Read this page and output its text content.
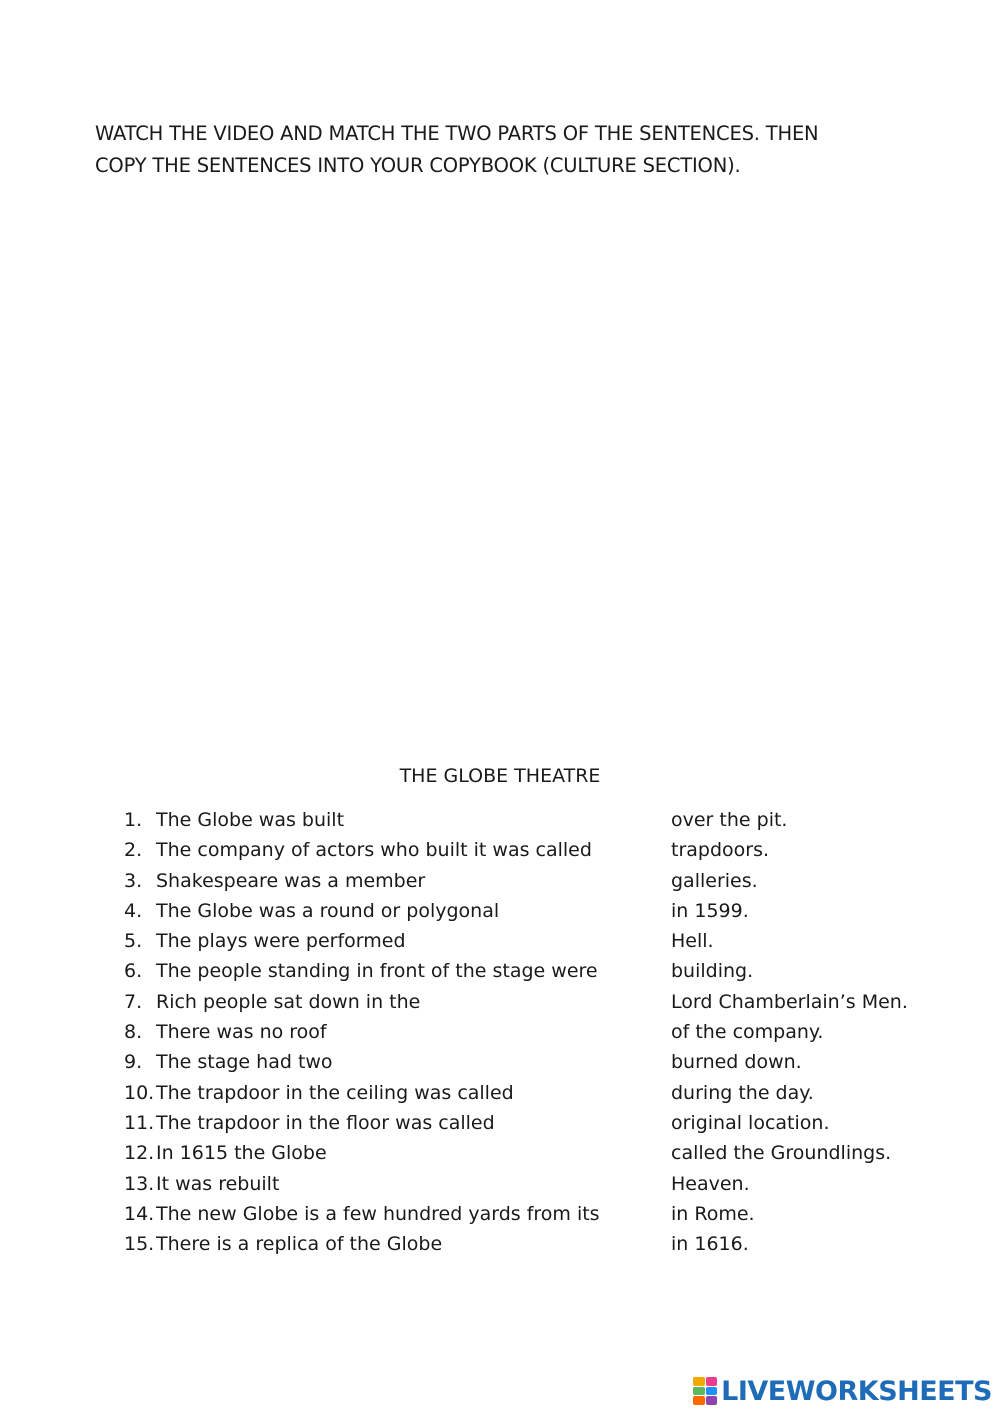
WATCH THE VIDEO AND MATCH THE TWO PARTS OF THE SENTENCES. THEN
COPY THE SENTENCES INTO YOUR COPYBOOK (CULTURE SECTION).
THE GLOBE THEATRE
1. The Globe was built
2. The company of actors who built it was called
3. Shakespeare was a member
4. The Globe was a round or polygonal
5. The plays were performed
6. The people standing in front of the stage were
7. Rich people sat down in the
8. There was no roof
9. The stage had two
10. The trapdoor in the ceiling was called
11. The trapdoor in the floor was called
12. In 1615 the Globe
13. It was rebuilt
14. The new Globe is a few hundred yards from its
15. There is a replica of the Globe
over the pit.
trapdoors.
galleries.
in 1599.
Hell.
building.
Lord Chamberlain’s Men.
of the company.
burned down.
during the day.
original location.
called the Groundlings.
Heaven.
in Rome.
in 1616.
LIVEWORKSHEETS
